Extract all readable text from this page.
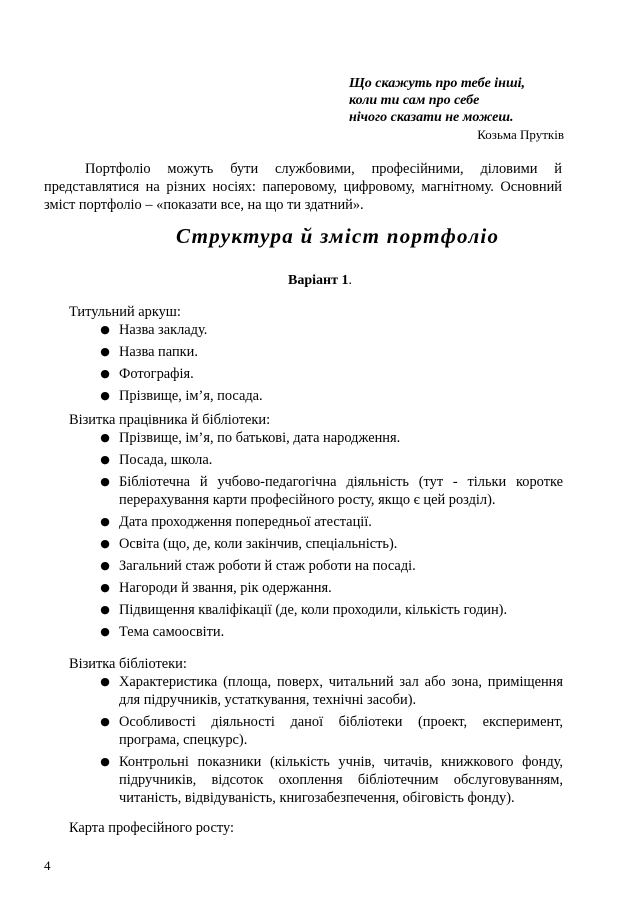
Що скажуть про тебе інші,
коли ти сам про себе
нічого сказати не можеш.
Козьма Прутків

Портфоліо можуть бути службовими, професійними, діловими й представлятися на різних носіях: паперовому, цифровому, магнітному. Основний зміст портфоліо – «показати все, на що ти здатний».

Структура й зміст портфоліо
Варіант 1.
Титульний аркуш:
● Назва закладу.
● Назва папки.
● Фотографія.
● Прізвище, ім’я, посада.
Візитка працівника й бібліотеки:
● Прізвище, ім’я, по батькові, дата народження.
● Посада, школа.
● Бібліотечна й учбово-педагогічна діяльність (тут - тільки коротке перерахування карти професійного росту, якщо є цей розділ).
● Дата проходження попередньої атестації.
● Освіта (що, де, коли закінчив, спеціальність).
● Загальний стаж роботи й стаж роботи на посаді.
● Нагороди й звання, рік одержання.
● Підвищення кваліфікації (де, коли проходили, кількість годин).
● Тема самоосвіти.
Візитка бібліотеки:
● Характеристика (площа, поверх, читальний зал або зона, приміщення для підручників, устаткування, технічні засоби).
● Особливості діяльності даної бібліотеки (проект, експеримент, програма, спецкурс).
● Контрольні показники (кількість учнів, читачів, книжкового фонду, підручників, відсоток охоплення бібліотечним обслуговуванням, читаність, відвідуваність, книгозабезпечення, обіговість фонду).
Карта професійного росту:
4
